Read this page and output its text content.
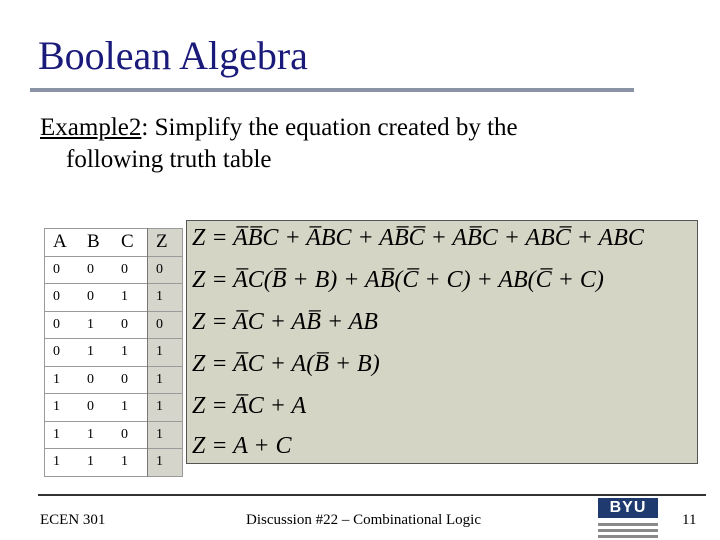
Boolean Algebra
Example2: Simplify the equation created by the
following truth table
A	B	C	Z
0	0	0	0
0	0	1	1
0	1	0	0
0	1	1	1
1	0	0	1
1	0	1	1
1	1	0	1
1	1	1	1
Z = A̅B̅C + A̅BC + AB̅C̅ + AB̅C + ABC̅ + ABC
Z = A̅C(B̅ + B) + AB̅(C̅ + C) + AB(C̅ + C)
Z = A̅C + AB̅ + AB
Z = A̅C + A(B̅ + B)
Z = A̅C + A
Z = A + C
ECEN 301	Discussion #22 – Combinational Logic
BYU
11
